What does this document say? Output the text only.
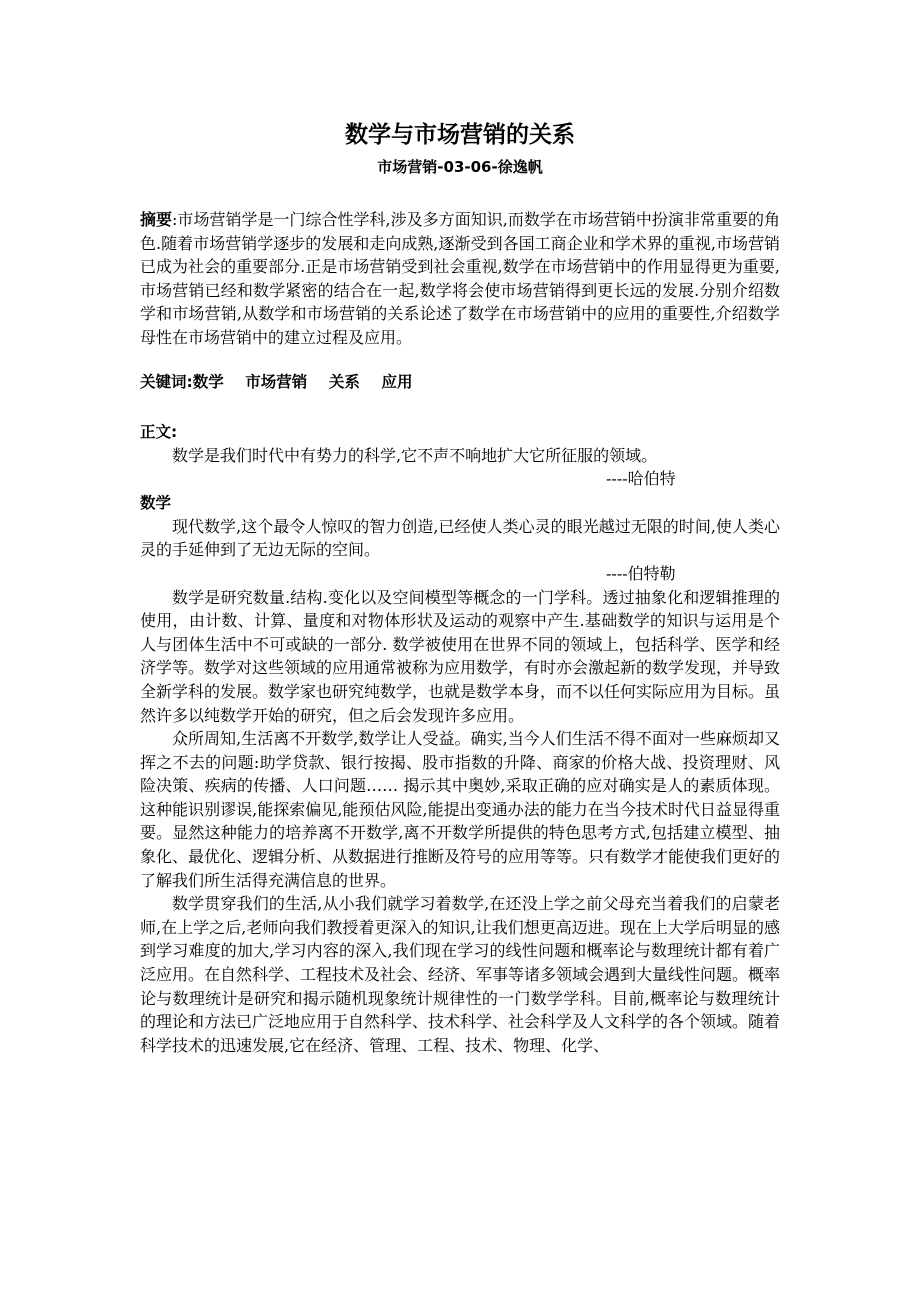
数学与市场营销的关系
市场营销-03-06-徐逸帆

摘要:市场营销学是一门综合性学科,涉及多方面知识,而数学在市场营销中扮演非常重要的角色.随着市场营销学逐步的发展和走向成熟,逐渐受到各国工商企业和学术界的重视,市场营销已成为社会的重要部分.正是市场营销受到社会重视,数学在市场营销中的作用显得更为重要,市场营销已经和数学紧密的结合在一起,数学将会使市场营销得到更长远的发展.分别介绍数学和市场营销,从数学和市场营销的关系论述了数学在市场营销中的应用的重要性,介绍数学母性在市场营销中的建立过程及应用。

关键词:数学    市场营销    关系    应用
正文:

数学是我们时代中有势力的科学,它不声不响地扩大它所征服的领域。

----哈伯特

数学

现代数学,这个最令人惊叹的智力创造,已经使人类心灵的眼光越过无限的时间,使人类心灵的手延伸到了无边无际的空间。

----伯特勒

数学是研究数量.结构.变化以及空间模型等概念的一门学科。透过抽象化和逻辑推理的使用，由计数、计算、量度和对物体形状及运动的观察中产生.基础数学的知识与运用是个人与团体生活中不可或缺的一部分. 数学被使用在世界不同的领域上，包括科学、医学和经济学等。数学对这些领域的应用通常被称为应用数学，有时亦会激起新的数学发现，并导致全新学科的发展。数学家也研究纯数学，也就是数学本身，而不以任何实际应用为目标。虽然许多以纯数学开始的研究，但之后会发现许多应用。

众所周知,生活离不开数学,数学让人受益。确实,当今人们生活不得不面对一些麻烦却又挥之不去的问题:助学贷款、银行按揭、股市指数的升降、商家的价格大战、投资理财、风险决策、疾病的传播、人口问题…… 揭示其中奥妙,采取正确的应对确实是人的素质体现。这种能识别谬误,能探索偏见,能预估风险,能提出变通办法的能力在当今技术时代日益显得重要。显然这种能力的培养离不开数学,离不开数学所提供的特色思考方式,包括建立模型、抽象化、最优化、逻辑分析、从数据进行推断及符号的应用等等。只有数学才能使我们更好的了解我们所生活得充满信息的世界。

数学贯穿我们的生活,从小我们就学习着数学,在还没上学之前父母充当着我们的启蒙老师,在上学之后,老师向我们教授着更深入的知识,让我们想更高迈进。现在上大学后明显的感到学习难度的加大,学习内容的深入,我们现在学习的线性问题和概率论与数理统计都有着广泛应用。在自然科学、工程技术及社会、经济、军事等诸多领域会遇到大量线性问题。概率论与数理统计是研究和揭示随机现象统计规律性的一门数学学科。目前,概率论与数理统计的理论和方法已广泛地应用于自然科学、技术科学、社会科学及人文科学的各个领域。随着科学技术的迅速发展,它在经济、管理、工程、技术、物理、化学、
